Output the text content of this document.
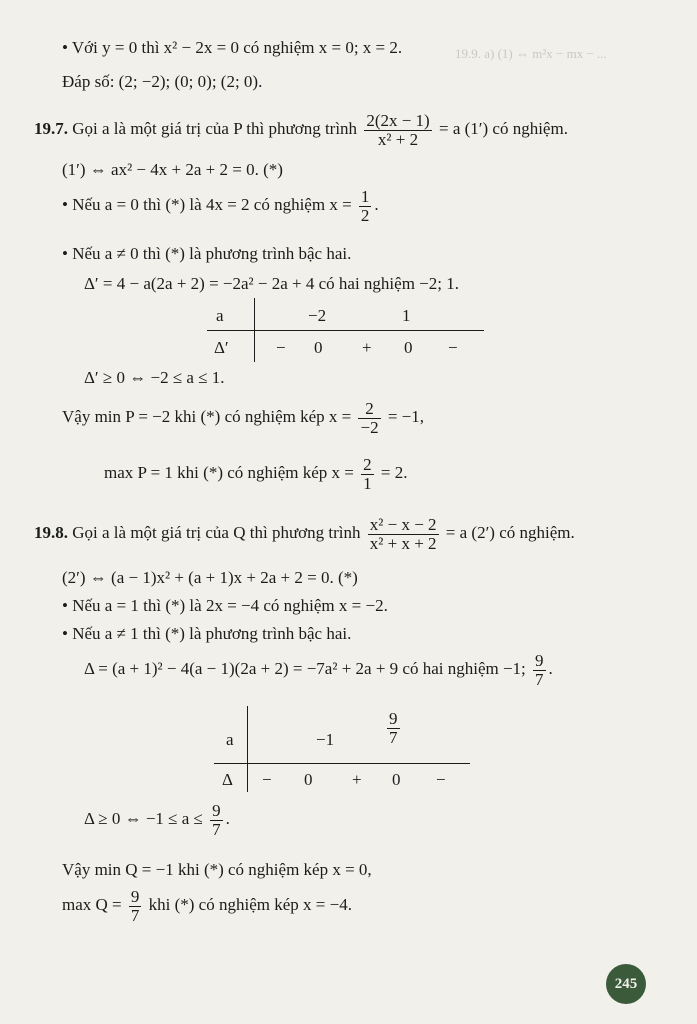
19.9. a) (1) ⇔ m²x − mx − ...
• Với y = 0 thì x² − 2x = 0 có nghiệm x = 0; x = 2.
Đáp số: (2; −2); (0; 0); (2; 0).
19.7. Gọi a là một giá trị của P thì phương trình $\frac{2(2x - 1)}{\text{x² + 2}} = a$ (1′) có nghiệm.
(1′) ⇔ ax² − 4x + 2a + 2 = 0. (*)
• Nếu a = 0 thì (*) là 4x = 2 có nghiệm $x = \frac{1}{2}$ .
• Nếu a ≠ 0 thì (*) là phương trình bậc hai.
Δ′ = 4 − a(2a + 2) = −2a² − 2a + 4 có hai nghiệm −2; 1.
a	−2	1
Δ′	− 0 + 0 −
Δ′ ≥ 0 ⇔ −2 ≤ a ≤ 1.
Vậy min P = −2 khi (*) có nghiệm kép $x = \frac{2}{-2} = -1$,
max P = 1 khi (*) có nghiệm kép $x = \frac{2}{1} = 2$.
19.8. Gọi a là một giá trị của Q thì phương trình $\frac{\text{x² − x − 2}}{\text{x² + x + 2}} = a$ (2′) có nghiệm.
(2′) ⇔ (a − 1)x² + (a + 1)x + 2a + 2 = 0. (*)
• Nếu a = 1 thì (*) là 2x = −4 có nghiệm x = −2.
• Nếu a ≠ 1 thì (*) là phương trình bậc hai.
Δ = (a + 1)² − 4(a − 1)(2a + 2) = −7a² + 2a + 9 có hai nghiệm −1; $\frac{9}{7}$ .
a	−1	$\frac{9}{7}$
Δ − 0 + 0 −
Δ ≥ 0 ⇔ $-1 \le a \le \frac{9}{7}$ .
Vậy min Q = −1 khi (*) có nghiệm kép x = 0,
$\max Q = \frac{9}{7}$ khi (*) có nghiệm kép x = −4.
245
